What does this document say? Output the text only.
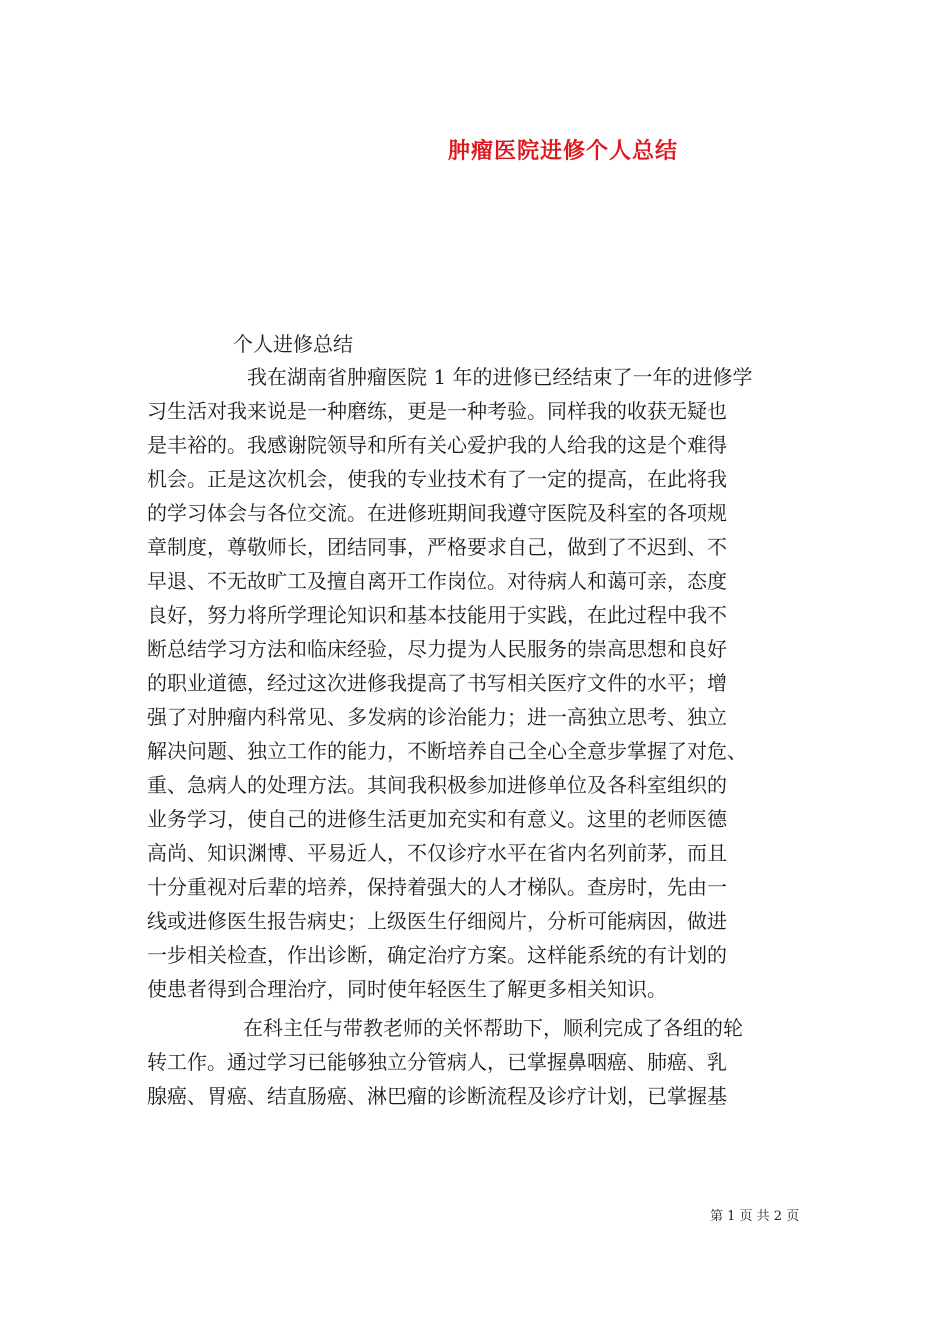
肿瘤医院进修个人总结
个人进修总结
我在湖南省肿瘤医院 1 年的进修已经结束了一年的进修学
习生活对我来说是一种磨练，更是一种考验。同样我的收获无疑也
是丰裕的。我感谢院领导和所有关心爱护我的人给我的这是个难得
机会。正是这次机会，使我的专业技术有了一定的提高，在此将我
的学习体会与各位交流。在进修班期间我遵守医院及科室的各项规
章制度，尊敬师长，团结同事，严格要求自己，做到了不迟到、不
早退、不无故旷工及擅自离开工作岗位。对待病人和蔼可亲，态度
良好，努力将所学理论知识和基本技能用于实践，在此过程中我不
断总结学习方法和临床经验，尽力提为人民服务的崇高思想和良好
的职业道德，经过这次进修我提高了书写相关医疗文件的水平；增
强了对肿瘤内科常见、多发病的诊治能力；进一高独立思考、独立
解决问题、独立工作的能力，不断培养自己全心全意步掌握了对危、
重、急病人的处理方法。其间我积极参加进修单位及各科室组织的
业务学习，使自己的进修生活更加充实和有意义。这里的老师医德
高尚、知识渊博、平易近人，不仅诊疗水平在省内名列前茅，而且
十分重视对后辈的培养，保持着强大的人才梯队。查房时，先由一
线或进修医生报告病史；上级医生仔细阅片，分析可能病因，做进
一步相关检查，作出诊断，确定治疗方案。这样能系统的有计划的
使患者得到合理治疗，同时使年轻医生了解更多相关知识。
在科主任与带教老师的关怀帮助下，顺利完成了各组的轮
转工作。通过学习已能够独立分管病人，已掌握鼻咽癌、肺癌、乳
腺癌、胃癌、结直肠癌、淋巴瘤的诊断流程及诊疗计划，已掌握基
第 1 页 共 2 页
